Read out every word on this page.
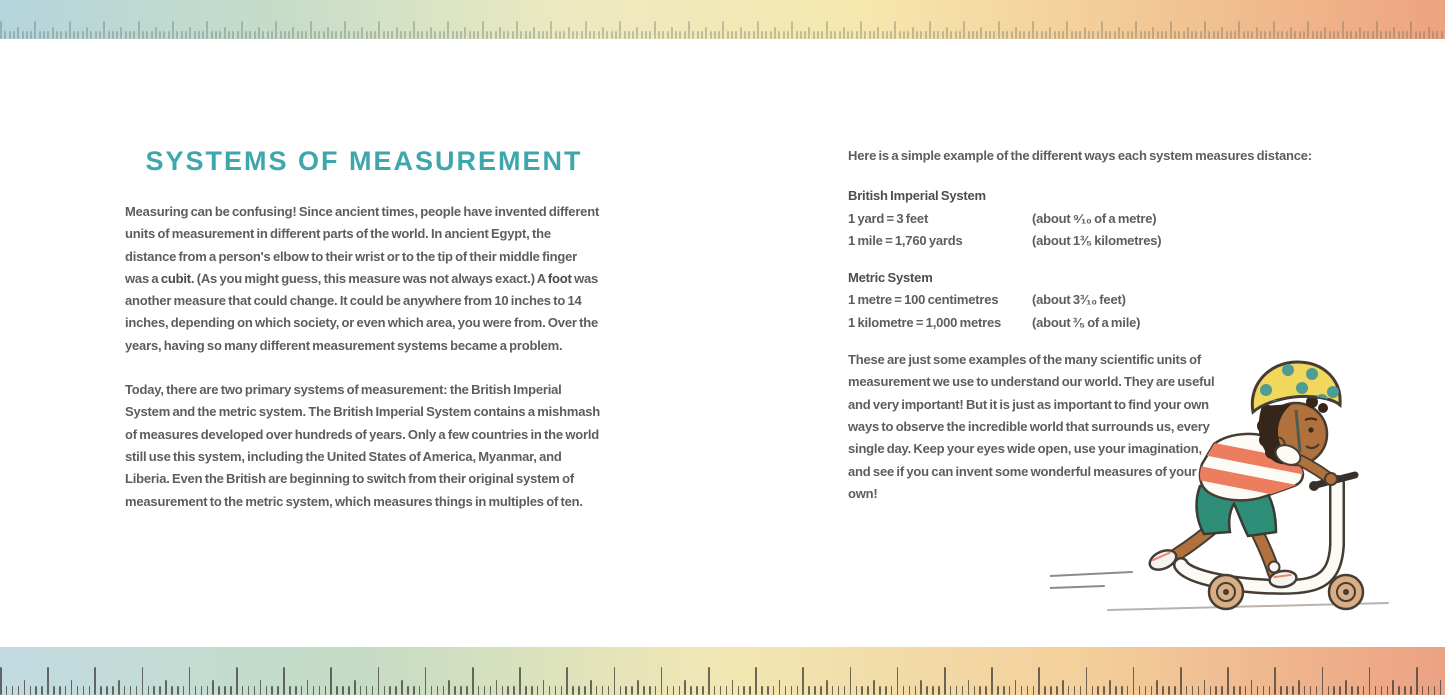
SYSTEMS OF MEASUREMENT

Measuring can be confusing! Since ancient times, people have invented different units of measurement in different parts of the world. In ancient Egypt, the distance from a person's elbow to their wrist or to the tip of their middle finger was a cubit. (As you might guess, this measure was not always exact.) A foot was another measure that could change. It could be anywhere from 10 inches to 14 inches, depending on which society, or even which area, you were from. Over the years, having so many different measurement systems became a problem.

Today, there are two primary systems of measurement: the British Imperial System and the metric system. The British Imperial System contains a mishmash of measures developed over hundreds of years. Only a few countries in the world still use this system, including the United States of America, Myanmar, and Liberia. Even the British are beginning to switch from their original system of measurement to the metric system, which measures things in multiples of ten.

Here is a simple example of the different ways each system measures distance:

British Imperial System

1 yard = 3 feet	(about ⁹⁄₁₀ of a metre)
1 mile = 1,760 yards	(about 1³⁄₅ kilometres)

Metric System

1 metre = 100 centimetres	(about 3³⁄₁₀ feet)
1 kilometre = 1,000 metres	(about ³⁄₅ of a mile)

These are just some examples of the many scientific units of measurement we use to understand our world. They are useful and very important! But it is just as important to find your own ways to observe the incredible world that surrounds us, every single day. Keep your eyes wide open, use your imagination, and see if you can invent some wonderful measures of your own!
